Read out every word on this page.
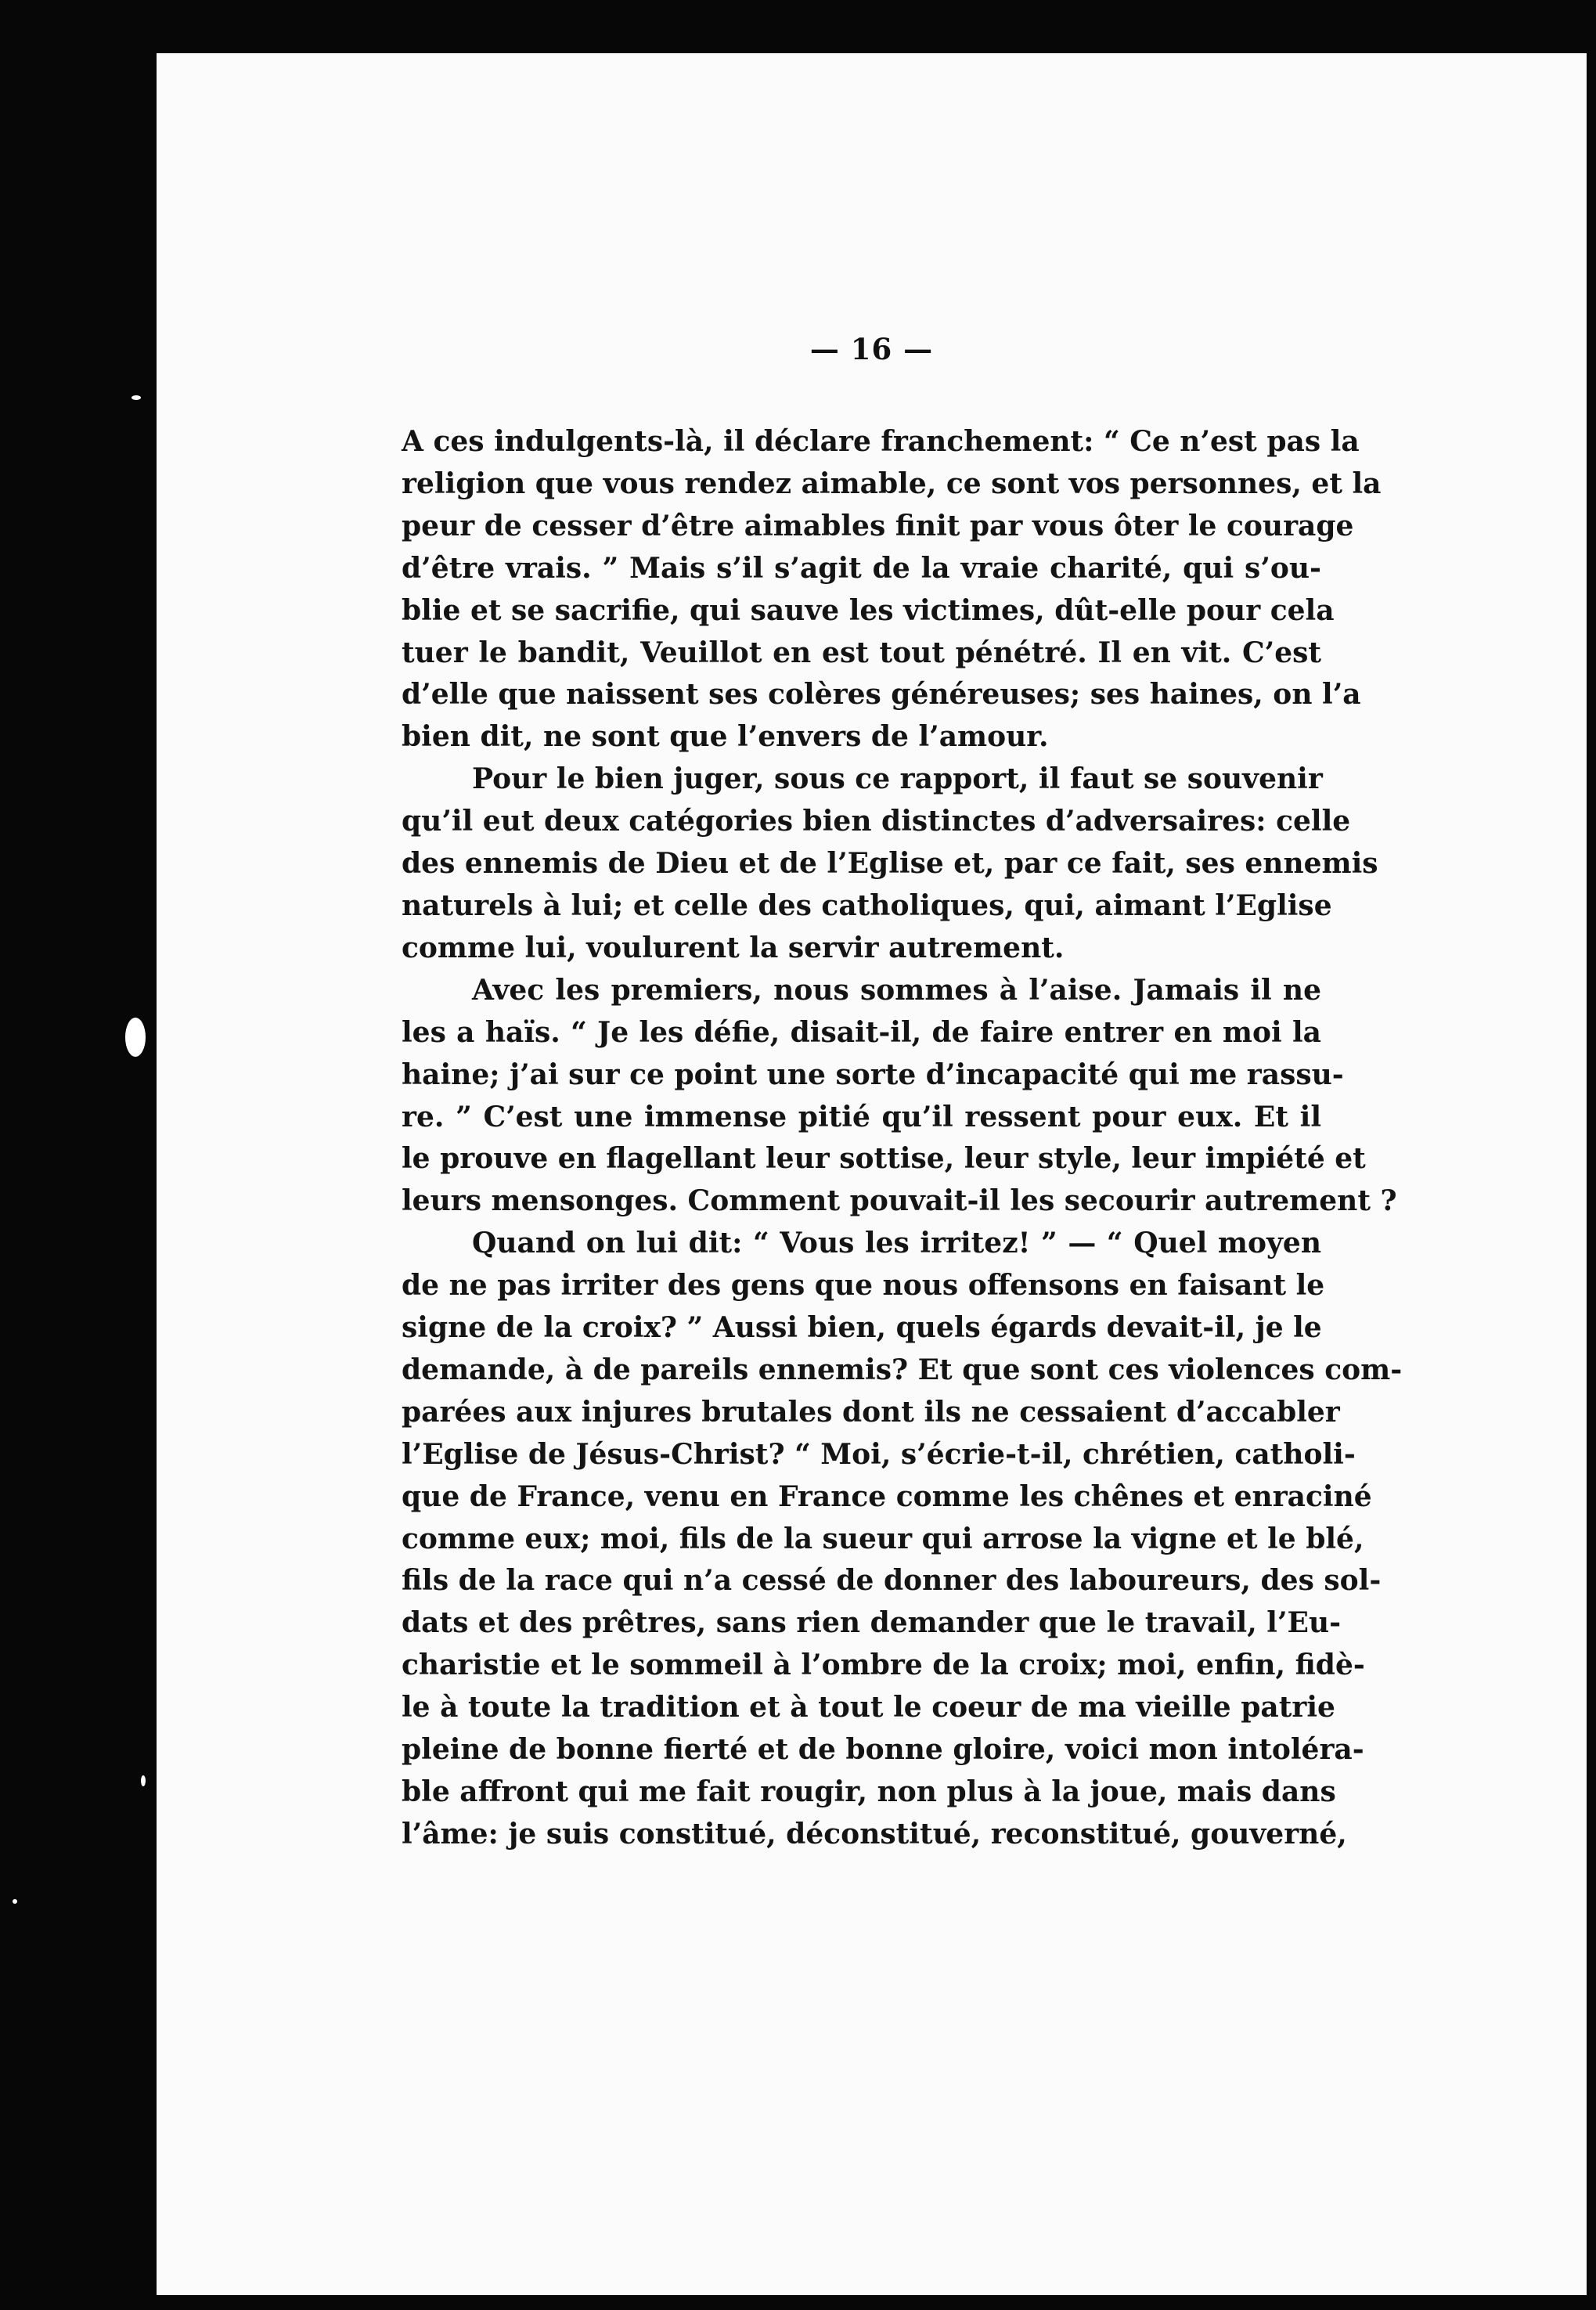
— 16 —
A ces indulgents-là, il déclare franchement: “ Ce n’est pas la
religion que vous rendez aimable, ce sont vos personnes, et la
peur de cesser d’être aimables finit par vous ôter le courage
d’être vrais. ” Mais s’il s’agit de la vraie charité, qui s’ou-
blie et se sacrifie, qui sauve les victimes, dût-elle pour cela
tuer le bandit, Veuillot en est tout pénétré. Il en vit. C’est
d’elle que naissent ses colères généreuses; ses haines, on l’a
bien dit, ne sont que l’envers de l’amour.
Pour le bien juger, sous ce rapport, il faut se souvenir
qu’il eut deux catégories bien distinctes d’adversaires: celle
des ennemis de Dieu et de l’Eglise et, par ce fait, ses ennemis
naturels à lui; et celle des catholiques, qui, aimant l’Eglise
comme lui, voulurent la servir autrement.
Avec les premiers, nous sommes à l’aise. Jamais il ne
les a haïs. “ Je les défie, disait-il, de faire entrer en moi la
haine; j’ai sur ce point une sorte d’incapacité qui me rassu-
re. ” C’est une immense pitié qu’il ressent pour eux. Et il
le prouve en flagellant leur sottise, leur style, leur impiété et
leurs mensonges. Comment pouvait-il les secourir autrement ?
Quand on lui dit: “ Vous les irritez! ” — “ Quel moyen
de ne pas irriter des gens que nous offensons en faisant le
signe de la croix? ” Aussi bien, quels égards devait-il, je le
demande, à de pareils ennemis? Et que sont ces violences com-
parées aux injures brutales dont ils ne cessaient d’accabler
l’Eglise de Jésus-Christ? “ Moi, s’écrie-t-il, chrétien, catholi-
que de France, venu en France comme les chênes et enraciné
comme eux; moi, fils de la sueur qui arrose la vigne et le blé,
fils de la race qui n’a cessé de donner des laboureurs, des sol-
dats et des prêtres, sans rien demander que le travail, l’Eu-
charistie et le sommeil à l’ombre de la croix; moi, enfin, fidè-
le à toute la tradition et à tout le coeur de ma vieille patrie
pleine de bonne fierté et de bonne gloire, voici mon intoléra-
ble affront qui me fait rougir, non plus à la joue, mais dans
l’âme: je suis constitué, déconstitué, reconstitué, gouverné,
